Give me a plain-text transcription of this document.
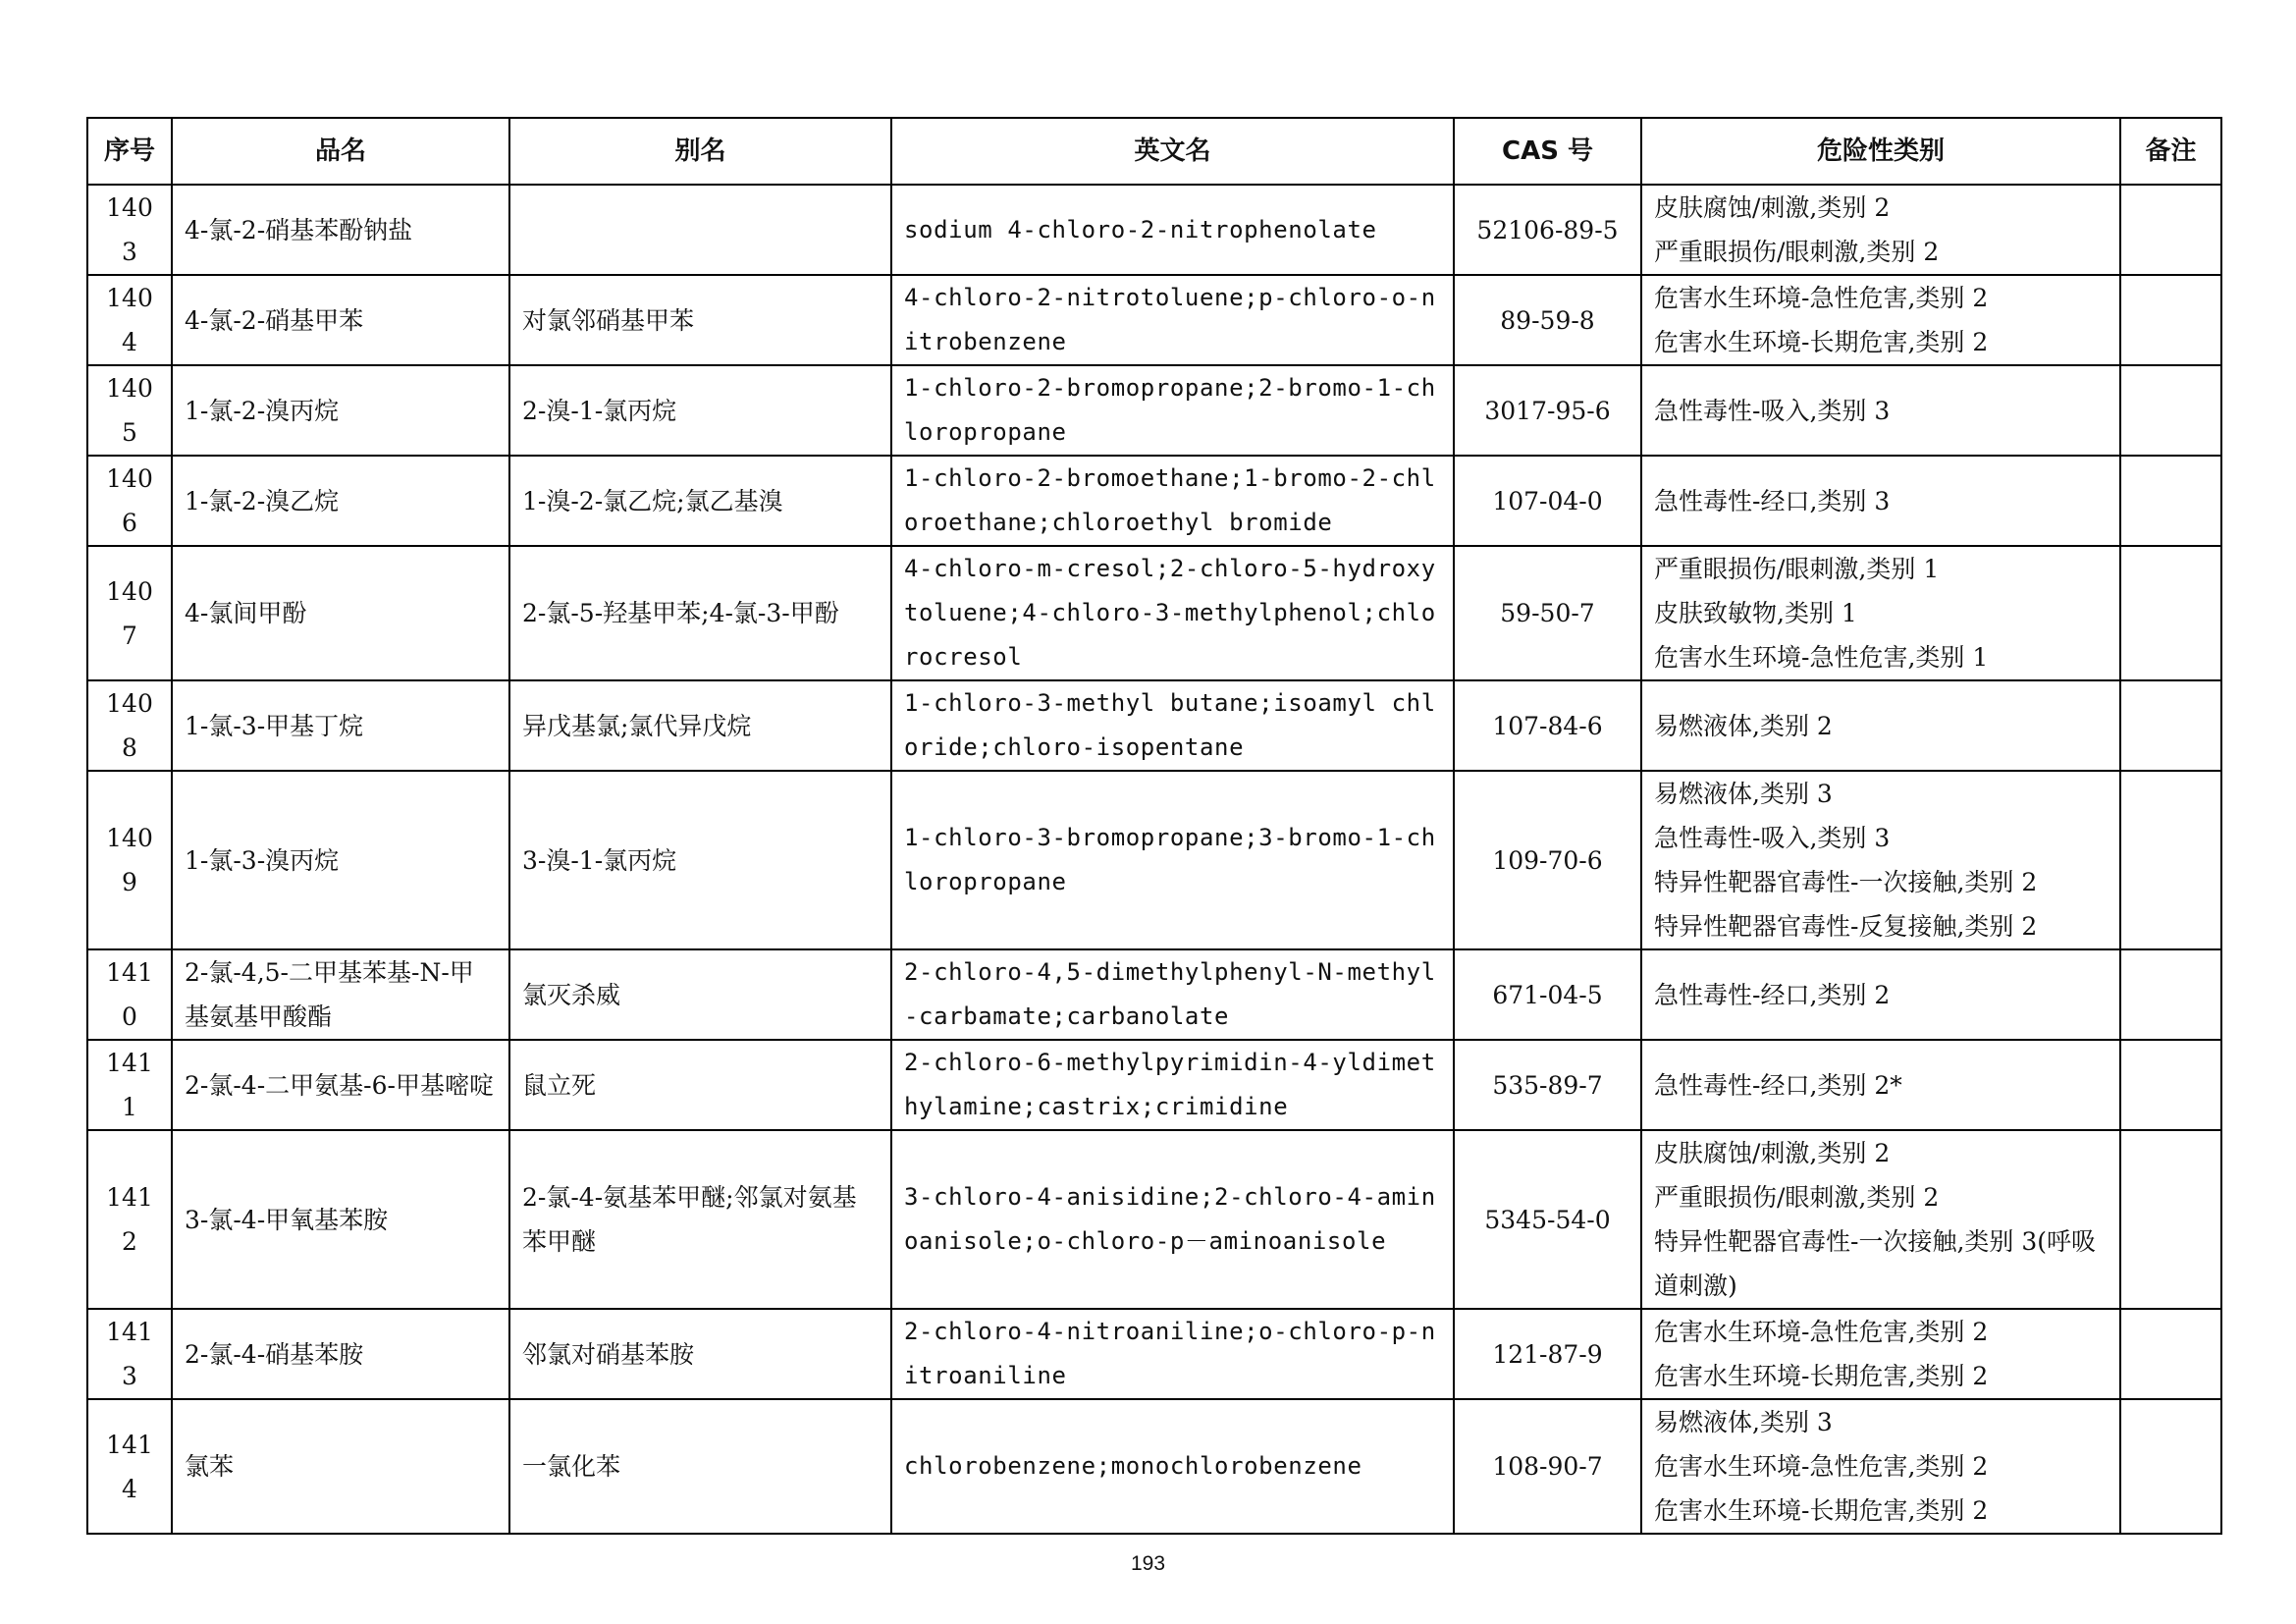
序号	品名	别名	英文名	CAS 号	危险性类别	备注
1403	4-氯-2-硝基苯酚钠盐		sodium 4-chloro-2-nitrophenolate	52106-89-5	皮肤腐蚀/刺激,类别 2
严重眼损伤/眼刺激,类别 2	

1404	4-氯-2-硝基甲苯	对氯邻硝基甲苯	4-chloro-2-nitrotoluene;p-chloro-o-nitrobenzene	89-59-8	危害水生环境-急性危害,类别 2
危害水生环境-长期危害,类别 2	

1405	1-氯-2-溴丙烷	2-溴-1-氯丙烷	1-chloro-2-bromopropane;2-bromo-1-chloropropane	3017-95-6	急性毒性-吸入,类别 3	

1406	1-氯-2-溴乙烷	1-溴-2-氯乙烷;氯乙基溴	1-chloro-2-bromoethane;1-bromo-2-chloroethane;chloroethyl bromide	107-04-0	急性毒性-经口,类别 3	

1407	4-氯间甲酚	2-氯-5-羟基甲苯;4-氯-3-甲酚	4-chloro-m-cresol;2-chloro-5-hydroxytoluene;4-chloro-3-methylphenol;chlorocresol	59-50-7	严重眼损伤/眼刺激,类别 1
皮肤致敏物,类别 1
危害水生环境-急性危害,类别 1	

1408	1-氯-3-甲基丁烷	异戊基氯;氯代异戊烷	1-chloro-3-methyl butane;isoamyl chloride;chloro-isopentane	107-84-6	易燃液体,类别 2	

1409	1-氯-3-溴丙烷	3-溴-1-氯丙烷	1-chloro-3-bromopropane;3-bromo-1-chloropropane	109-70-6	易燃液体,类别 3
急性毒性-吸入,类别 3
特异性靶器官毒性-一次接触,类别 2
特异性靶器官毒性-反复接触,类别 2	

1410	2-氯-4,5-二甲基苯基-N-甲基氨基甲酸酯	氯灭杀威	2-chloro-4,5-dimethylphenyl-N-methyl-carbamate;carbanolate	671-04-5	急性毒性-经口,类别 2	

1411	2-氯-4-二甲氨基-6-甲基嘧啶	鼠立死	2-chloro-6-methylpyrimidin-4-yldimethylamine;castrix;crimidine	535-89-7	急性毒性-经口,类别 2*	

1412	3-氯-4-甲氧基苯胺	2-氯-4-氨基苯甲醚;邻氯对氨基苯甲醚	3-chloro-4-anisidine;2-chloro-4-aminoanisole;o-chloro-p－aminoanisole	5345-54-0	皮肤腐蚀/刺激,类别 2
严重眼损伤/眼刺激,类别 2
特异性靶器官毒性-一次接触,类别 3(呼吸道刺激)	

1413	2-氯-4-硝基苯胺	邻氯对硝基苯胺	2-chloro-4-nitroaniline;o-chloro-p-nitroaniline	121-87-9	危害水生环境-急性危害,类别 2
危害水生环境-长期危害,类别 2	

1414	氯苯	一氯化苯	chlorobenzene;monochlorobenzene	108-90-7	易燃液体,类别 3
危害水生环境-急性危害,类别 2
危害水生环境-长期危害,类别 2	

193
